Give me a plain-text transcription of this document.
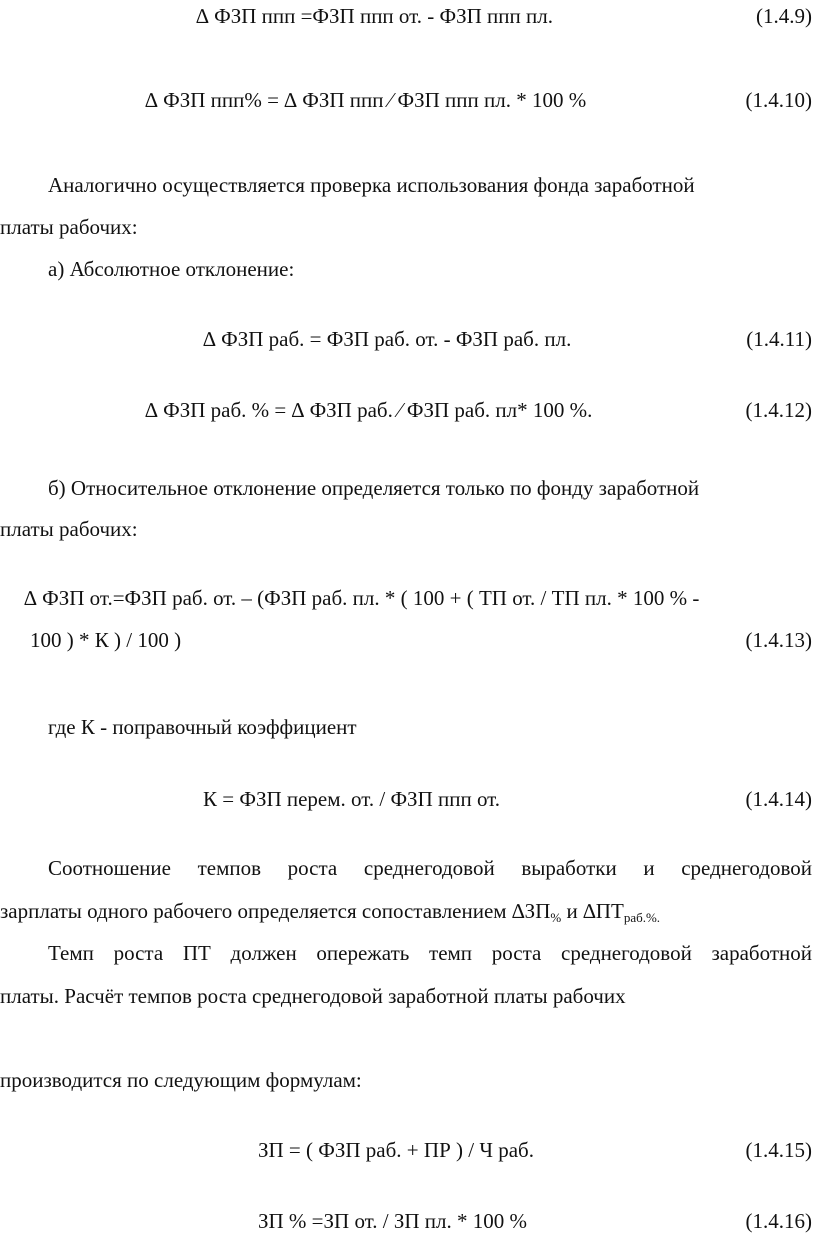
∆ ФЗП ппп =ФЗП ппп от. - ФЗП ппп пл.	(1.4.9)
∆ ФЗП ппп% = ∆ ФЗП ппп ⁄ ФЗП ппп пл. * 100 %	(1.4.10)
Аналогично осуществляется проверка использования фонда заработной
платы рабочих:
а) Абсолютное отклонение:
∆ ФЗП раб. = ФЗП раб. от. - ФЗП раб. пл.	(1.4.11)
∆ ФЗП раб. % = ∆ ФЗП раб. ⁄ ФЗП раб. пл* 100 %.	(1.4.12)
б) Относительное отклонение определяется только по фонду заработной
платы рабочих:
∆ ФЗП от.=ФЗП раб. от. – (ФЗП раб. пл. * ( 100 + ( ТП от. / ТП пл. * 100 % -
100 ) * К ) / 100 )	(1.4.13)
где К - поправочный коэффициент
К = ФЗП перем. от. / ФЗП ппп от.	(1.4.14)
Соотношение темпов роста среднегодовой выработки и среднегодовой
зарплаты одного рабочего определяется сопоставлением $\Delta ЗП_{\%}$ и $\Delta ПТ_{раб.\%.}$
Темп роста ПТ должен опережать темп роста среднегодовой заработной
платы. Расчёт темпов роста среднегодовой заработной платы рабочих
производится по следующим формулам:
ЗП = ( ФЗП раб. + ПР ) / Ч раб.	(1.4.15)
ЗП % =ЗП от. / ЗП пл. * 100 %	(1.4.16)
